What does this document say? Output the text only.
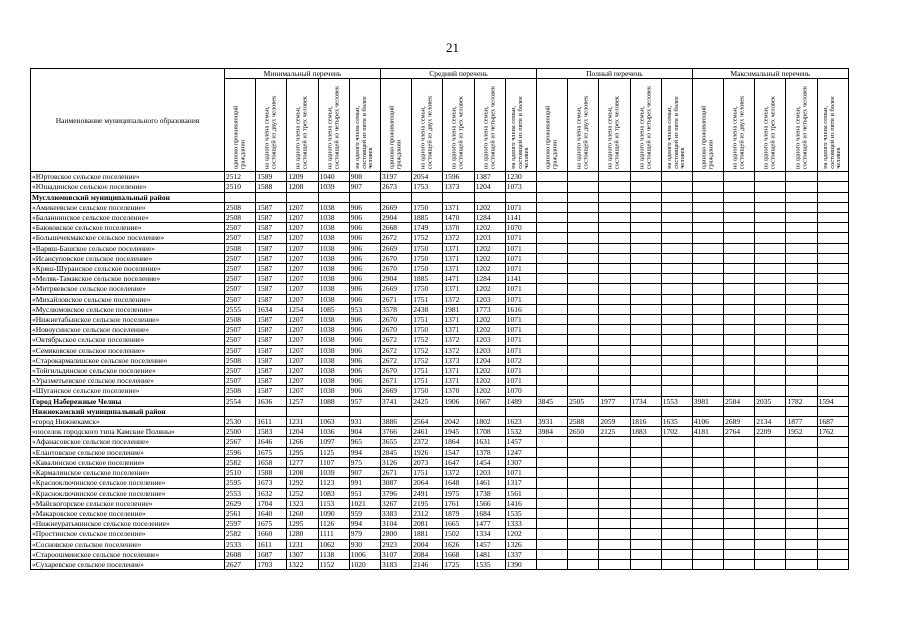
21
Наименование муниципального образования	Минимальный перечень					Средний перечень					Полный перечень					Максимальный перечень				

	одиноко проживающий гражданин	на одного члена семьи, состоящей из двух человек	на одного члена семьи, состоящей из трех человек	на одного члена семьи, состоящей из четырех человек	на одного члена семьи, состоящей из пяти и более человек	одиноко проживающий гражданин	на одного члена семьи, состоящей из двух человек	на одного члена семьи, состоящей из трех человек	на одного члена семьи, состоящей из четырех человек	на одного члена семьи, состоящей из пяти и более человек	одиноко проживающий гражданин	на одного члена семьи, состоящей из двух человек	на одного члена семьи, состоящей из трех человек	на одного члена семьи, состоящей из четырех человек	на одного члена семьи, состоящей из пяти и более человек	одиноко проживающий гражданин	на одного члена семьи, состоящей из двух человек	на одного члена семьи, состоящей из трех человек	на одного члена семьи, состоящей из четырех человек	на одного члена семьи, состоящей из пяти и более человек

«Юртовское сельское поселение»	2512	1589	1209	1040	908	3197	2054	1596	1387	1230										
«Юшадинское сельское поселение»	2510	1588	1208	1039	907	2673	1753	1373	1204	1073										
Мусллюмовский муниципальный район																				
«Амикеевское сельское поселение»	2508	1587	1207	1038	906	2669	1750	1371	1202	1071										
«Баланнинское сельское поселение»	2508	1587	1207	1038	906	2904	1885	1470	1284	1141										
«Баюковское сельское поселение»	2507	1587	1207	1038	906	2668	1749	1370	1202	1070										
«Большечекмакское сельское поселение»	2507	1587	1207	1038	906	2672	1752	1372	1203	1071										
«Варяш-Башское сельское поселение»	2508	1587	1207	1038	906	2669	1750	1371	1202	1071										
«Исансуповское сельское поселение»	2507	1587	1207	1038	906	2670	1750	1371	1202	1071										
«Кряш-Шуранское сельское поселение»	2507	1587	1207	1038	906	2670	1750	1371	1202	1071										
«Меляк-Тамакское сельское поселение»	2507	1587	1207	1038	906	2904	1885	1471	1284	1141										
«Митряевское сельское поселение»	2507	1587	1207	1038	906	2669	1750	1371	1202	1071										
«Михайловское сельское поселение»	2507	1587	1207	1038	906	2671	1751	1372	1203	1071										
«Муслюмовское сельское поселение»	2555	1634	1254	1085	953	3578	2438	1981	1773	1616										
«Нижнетабынское сельское поселение»	2508	1587	1207	1038	906	2670	1751	1371	1202	1071										
«Новоусинское сельское поселение»	2507	1587	1207	1038	906	2670	1750	1371	1202	1071										
«Октябрьское сельское поселение»	2507	1587	1207	1038	906	2672	1752	1372	1203	1071										
«Семяковское сельское поселение»	2507	1587	1207	1038	906	2672	1752	1372	1203	1071										
«Старокармалинское сельское поселение»	2508	1587	1207	1038	906	2672	1752	1373	1204	1072										
«Тойгильдинское сельское поселение»	2507	1587	1207	1038	906	2670	1751	1371	1202	1071										
«Уразметьевское сельское поселение»	2507	1587	1207	1038	906	2671	1751	1371	1202	1071										
«Шуганское сельское поселение»	2508	1587	1207	1038	906	2669	1750	1370	1202	1070										
Город Набережные Челны	2554	1636	1257	1088	957	3741	2425	1906	1667	1489	3845	2505	1977	1734	1553	3981	2584	2035	1782	1594
Нижнекамский муниципальный район																				
«город Нижнекамск»	2530	1611	1231	1063	931	3886	2564	2042	1802	1623	3931	2588	2059	1816	1635	4106	2689	2134	1877	1687
«поселок городского типа Камские Поляны»	2500	1583	1204	1036	904	3766	2461	1945	1708	1532	3984	2650	2125	1883	1702	4181	2764	2209	1952	1762
«Афанасовское сельское поселение»	2567	1646	1266	1097	965	3655	2372	1864	1631	1457										
«Елантовское сельское поселение»	2596	1675	1295	1125	994	2845	1926	1547	1378	1247										
«Кавалинское сельское поселение»	2582	1658	1277	1107	975	3126	2073	1647	1454	1307										
«Кармалинское сельское поселение»	2510	1588	1208	1039	907	2671	1751	1372	1203	1071										
«Красноключинское сельское поселение»	2595	1673	1292	1123	991	3087	2064	1648	1461	1317										
«Красноключинское сельское поселение»	2553	1632	1252	1083	951	3796	2491	1975	1738	1561										
«Майскогорское сельское поселение»	2629	1704	1323	1153	1021	3267	2195	1761	1566	1416										
«Макаровское сельское поселение»	2561	1640	1260	1090	959	3383	2312	1879	1684	1535										
«Нижнеуратьминское сельское поселение»	2597	1675	1295	1126	994	3104	2081	1665	1477	1333										
«Простинское сельское поселение»	2582	1660	1280	1111	979	2800	1881	1502	1334	1202										
«Сосновское сельское поселение»	2533	1611	1231	1062	930	2923	2004	1626	1457	1326										
«Староошминское сельское поселение»	2608	1687	1307	1138	1006	3107	2084	1668	1481	1337										
«Сухаревское сельское поселение»	2627	1703	1322	1152	1020	3183	2146	1725	1535	1390										
